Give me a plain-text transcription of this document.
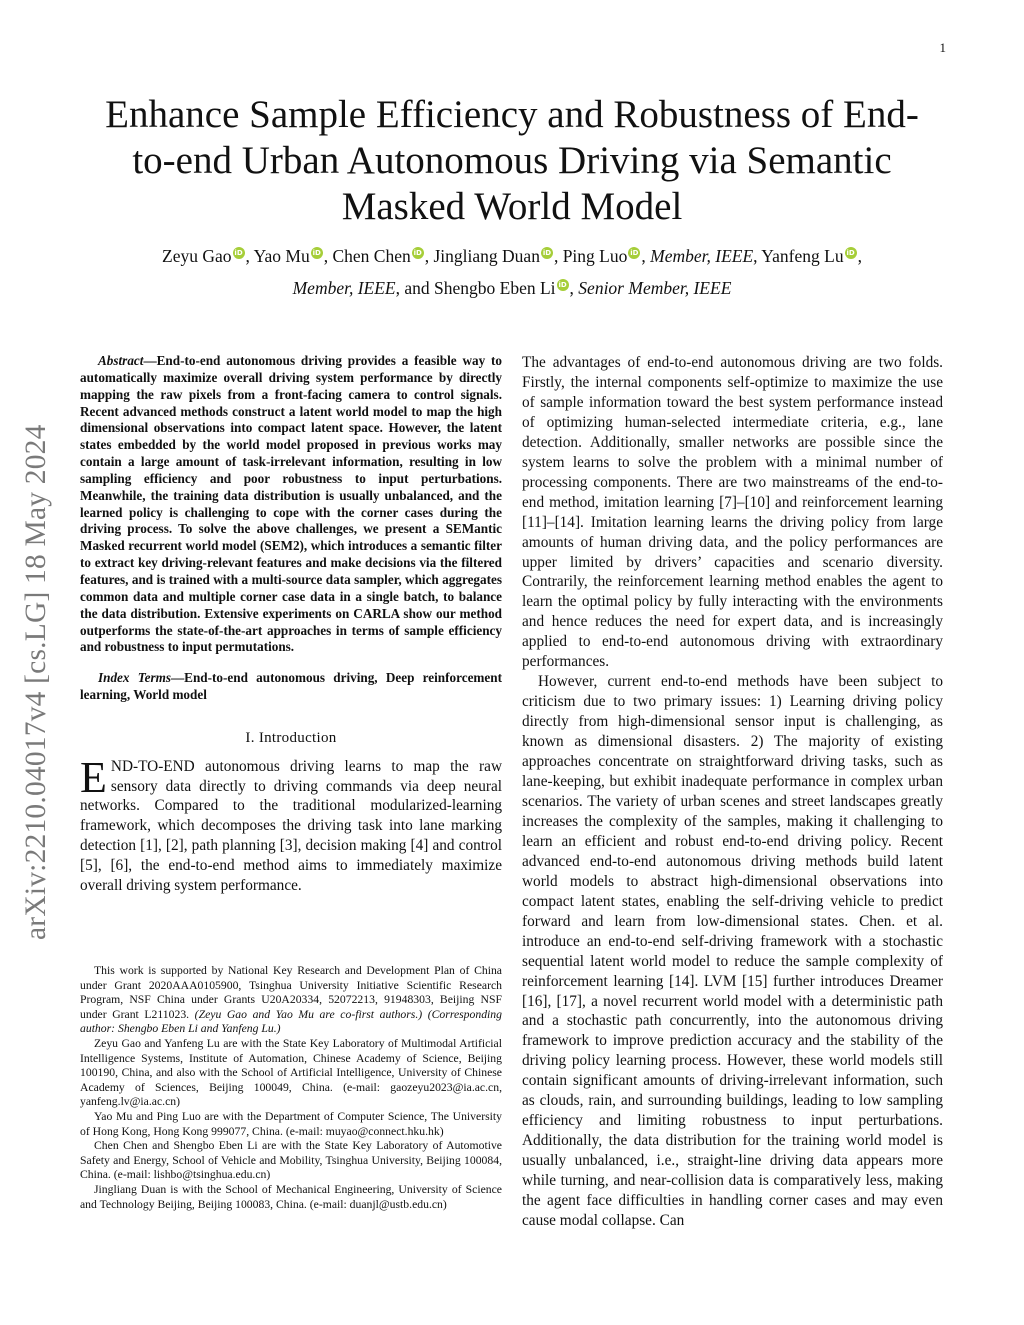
1
arXiv:2210.04017v4 [cs.LG] 18 May 2024
Enhance Sample Efficiency and Robustness of End-to-end Urban Autonomous Driving via Semantic Masked World Model
Zeyu Gao iD , Yao Mu iD , Chen Chen iD , Jingliang Duan iD , Ping Luo iD , Member, IEEE, Yanfeng Lu iD , Member, IEEE, and Shengbo Eben Li iD , Senior Member, IEEE

Abstract—End-to-end autonomous driving provides a feasible way to automatically maximize overall driving system performance by directly mapping the raw pixels from a front-facing camera to control signals. Recent advanced methods construct a latent world model to map the high dimensional observations into compact latent space. However, the latent states embedded by the world model proposed in previous works may contain a large amount of task-irrelevant information, resulting in low sampling efficiency and poor robustness to input perturbations. Meanwhile, the training data distribution is usually unbalanced, and the learned policy is challenging to cope with the corner cases during the driving process. To solve the above challenges, we present a SEMantic Masked recurrent world model (SEM2), which introduces a semantic filter to extract key driving-relevant features and make decisions via the filtered features, and is trained with a multi-source data sampler, which aggregates common data and multiple corner case data in a single batch, to balance the data distribution. Extensive experiments on CARLA show our method outperforms the state-of-the-art approaches in terms of sample efficiency and robustness to input permutations.

Index Terms—End-to-end autonomous driving, Deep reinforcement learning, World model

I. Introduction

END-TO-END autonomous driving learns to map the raw sensory data directly to driving commands via deep neural networks. Compared to the traditional modularized-learning framework, which decomposes the driving task into lane marking detection [1], [2], path planning [3], decision making [4] and control [5], [6], the end-to-end method aims to immediately maximize overall driving system performance.

This work is supported by National Key Research and Development Plan of China under Grant 2020AAA0105900, Tsinghua University Initiative Scientific Research Program, NSF China under Grants U20A20334, 52072213, 91948303, Beijing NSF under Grant L211023. (Zeyu Gao and Yao Mu are co-first authors.) (Corresponding author: Shengbo Eben Li and Yanfeng Lu.)

Zeyu Gao and Yanfeng Lu are with the State Key Laboratory of Multimodal Artificial Intelligence Systems, Institute of Automation, Chinese Academy of Science, Beijing 100190, China, and also with the School of Artificial Intelligence, University of Chinese Academy of Sciences, Beijing 100049, China. (e-mail: gaozeyu2023@ia.ac.cn, yanfeng.lv@ia.ac.cn)

Yao Mu and Ping Luo are with the Department of Computer Science, The University of Hong Kong, Hong Kong 999077, China. (e-mail: muyao@connect.hku.hk)

Chen Chen and Shengbo Eben Li are with the State Key Laboratory of Automotive Safety and Energy, School of Vehicle and Mobility, Tsinghua University, Beijing 100084, China. (e-mail: lishbo@tsinghua.edu.cn)

Jingliang Duan is with the School of Mechanical Engineering, University of Science and Technology Beijing, Beijing 100083, China. (e-mail: duanjl@ustb.edu.cn)

The advantages of end-to-end autonomous driving are two folds. Firstly, the internal components self-optimize to maximize the use of sample information toward the best system performance instead of optimizing human-selected intermediate criteria, e.g., lane detection. Additionally, smaller networks are possible since the system learns to solve the problem with a minimal number of processing components. There are two mainstreams of the end-to-end method, imitation learning [7]–[10] and reinforcement learning [11]–[14]. Imitation learning learns the driving policy from large amounts of human driving data, and the policy performances are upper limited by drivers’ capacities and scenario diversity. Contrarily, the reinforcement learning method enables the agent to learn the optimal policy by fully interacting with the environments and hence reduces the need for expert data, and is increasingly applied to end-to-end autonomous driving with extraordinary performances.

However, current end-to-end methods have been subject to criticism due to two primary issues: 1) Learning driving policy directly from high-dimensional sensor input is challenging, as known as dimensional disasters. 2) The majority of existing approaches concentrate on straightforward driving tasks, such as lane-keeping, but exhibit inadequate performance in complex urban scenarios. The variety of urban scenes and street landscapes greatly increases the complexity of the samples, making it challenging to learn an efficient and robust end-to-end driving policy. Recent advanced end-to-end autonomous driving methods build latent world models to abstract high-dimensional observations into compact latent states, enabling the self-driving vehicle to predict forward and learn from low-dimensional states. Chen. et al. introduce an end-to-end self-driving framework with a stochastic sequential latent world model to reduce the sample complexity of reinforcement learning [14]. LVM [15] further introduces Dreamer [16], [17], a novel recurrent world model with a deterministic path and a stochastic path concurrently, into the autonomous driving framework to improve prediction accuracy and the stability of the driving policy learning process. However, these world models still contain significant amounts of driving-irrelevant information, such as clouds, rain, and surrounding buildings, leading to low sampling efficiency and limiting robustness to input perturbations. Additionally, the data distribution for the training world model is usually unbalanced, i.e., straight-line driving data appears more while turning, and near-collision data is comparatively less, making the agent face difficulties in handling corner cases and may even cause modal collapse. Can
